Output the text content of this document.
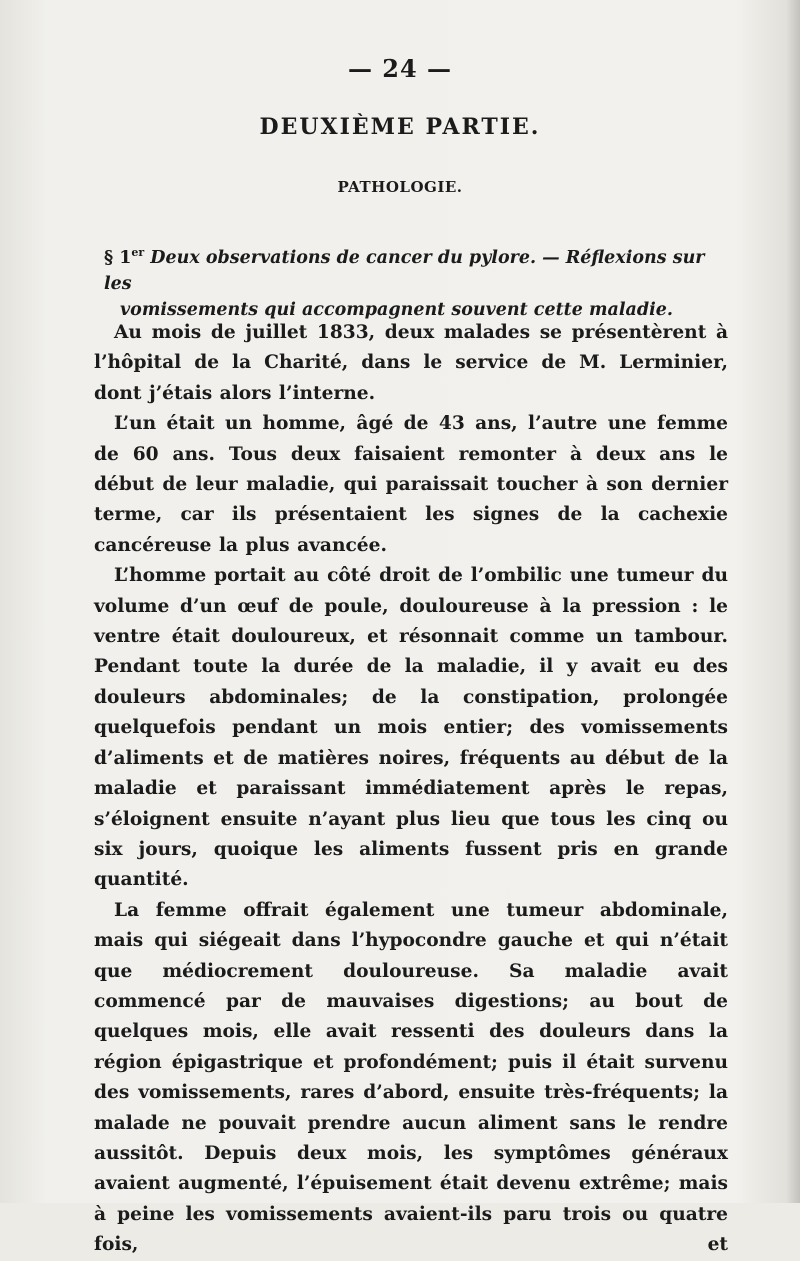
— 24 —
DEUXIÈME PARTIE.
PATHOLOGIE.
§ 1er Deux observations de cancer du pylore. — Réflexions sur les
vomissements qui accompagnent souvent cette maladie.

Au mois de juillet 1833, deux malades se présentèrent à l’hôpital de la Charité, dans le service de M. Lerminier, dont j’étais alors l’interne.

L’un était un homme, âgé de 43 ans, l’autre une femme de 60 ans. Tous deux faisaient remonter à deux ans le début de leur maladie, qui paraissait toucher à son dernier terme, car ils présentaient les signes de la cachexie cancéreuse la plus avancée.

L’homme portait au côté droit de l’ombilic une tumeur du volume d’un œuf de poule, douloureuse à la pression : le ventre était douloureux, et résonnait comme un tambour. Pendant toute la durée de la maladie, il y avait eu des douleurs abdominales; de la constipation, prolongée quelquefois pendant un mois entier; des vomissements d’aliments et de matières noires, fréquents au début de la maladie et paraissant immédiatement après le repas, s’éloignent ensuite n’ayant plus lieu que tous les cinq ou six jours, quoique les aliments fussent pris en grande quantité.

La femme offrait également une tumeur abdominale, mais qui siégeait dans l’hypocondre gauche et qui n’était que médiocrement douloureuse. Sa maladie avait commencé par de mauvaises digestions; au bout de quelques mois, elle avait ressenti des douleurs dans la région épigastrique et profondément; puis il était survenu des vomissements, rares d’abord, ensuite très-fréquents; la malade ne pouvait prendre aucun aliment sans le rendre aussitôt. Depuis deux mois, les symptômes généraux avaient augmenté, l’épuisement était devenu extrême; mais à peine les vomissements avaient-ils paru trois ou quatre fois, et
